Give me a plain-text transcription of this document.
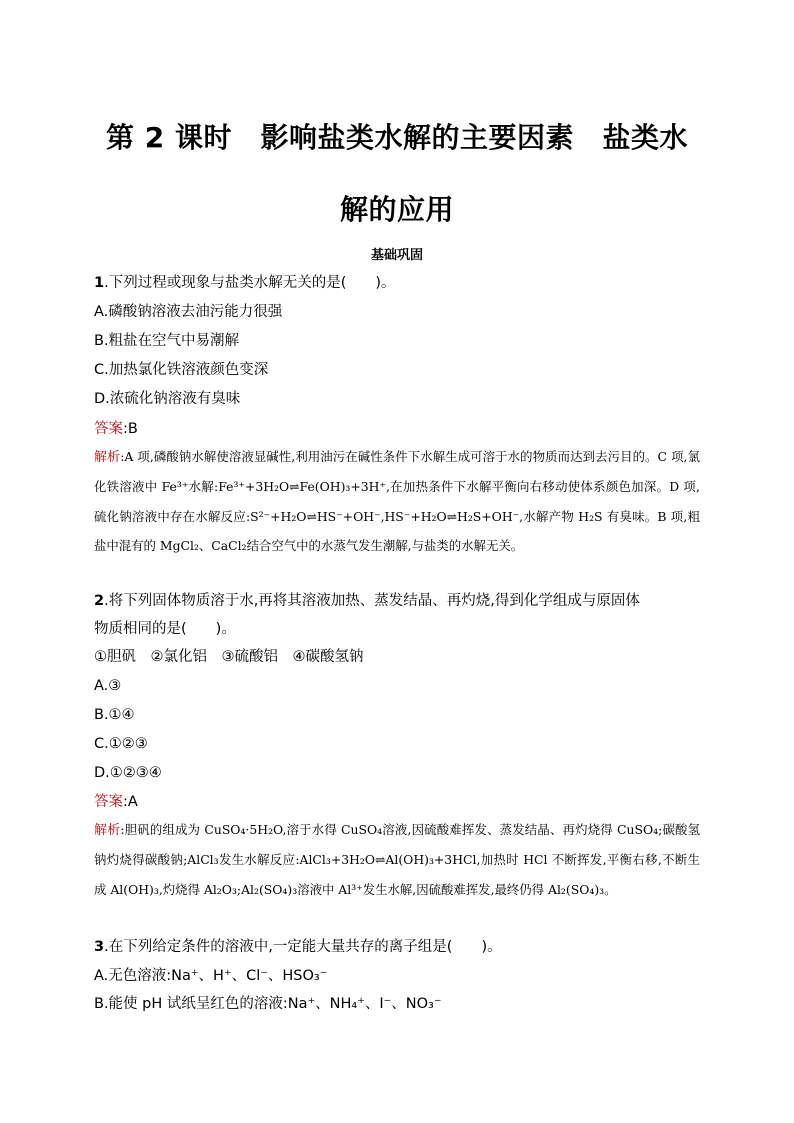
第 2 课时　影响盐类水解的主要因素　盐类水
解的应用
基础巩固
1.下列过程或现象与盐类水解无关的是(　　)。
A.磷酸钠溶液去油污能力很强
B.粗盐在空气中易潮解
C.加热氯化铁溶液颜色变深
D.浓硫化钠溶液有臭味
答案:B

解析:A 项,磷酸钠水解使溶液显碱性,利用油污在碱性条件下水解生成可溶于水的物质而达到去污目的。C 项,氯化铁溶液中 Fe³⁺水解:Fe³⁺+3H₂O⇌Fe(OH)₃+3H⁺,在加热条件下水解平衡向右移动使体系颜色加深。D 项,硫化钠溶液中存在水解反应:S²⁻+H₂O⇌HS⁻+OH⁻,HS⁻+H₂O⇌H₂S+OH⁻,水解产物 H₂S 有臭味。B 项,粗盐中混有的 MgCl₂、CaCl₂结合空气中的水蒸气发生潮解,与盐类的水解无关。

2.将下列固体物质溶于水,再将其溶液加热、蒸发结晶、再灼烧,得到化学组成与原固体
物质相同的是(　　)。
①胆矾　②氯化铝　③硫酸铝　④碳酸氢钠
A.③
B.①④
C.①②③
D.①②③④
答案:A

解析:胆矾的组成为 CuSO₄·5H₂O,溶于水得 CuSO₄溶液,因硫酸难挥发、蒸发结晶、再灼烧得 CuSO₄;碳酸氢钠灼烧得碳酸钠;AlCl₃发生水解反应:AlCl₃+3H₂O⇌Al(OH)₃+3HCl,加热时 HCl 不断挥发,平衡右移,不断生成 Al(OH)₃,灼烧得 Al₂O₃;Al₂(SO₄)₃溶液中 Al³⁺发生水解,因硫酸难挥发,最终仍得 Al₂(SO₄)₃。

3.在下列给定条件的溶液中,一定能大量共存的离子组是(　　)。
A.无色溶液:Na⁺、H⁺、Cl⁻、HSO₃⁻
B.能使 pH 试纸呈红色的溶液:Na⁺、NH₄⁺、I⁻、NO₃⁻
